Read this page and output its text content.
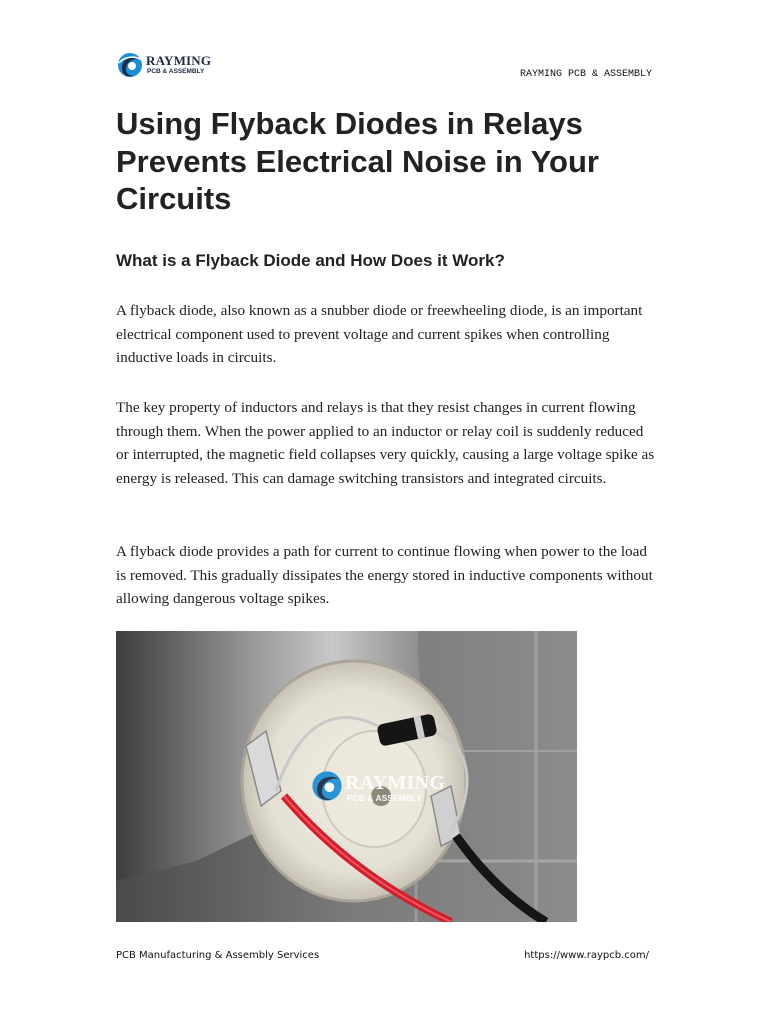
RAYMING
PCB & ASSEMBLY	RAYMING PCB & ASSEMBLY
Using Flyback Diodes in Relays Prevents Electrical Noise in Your Circuits
What is a Flyback Diode and How Does it Work?

A flyback diode, also known as a snubber diode or freewheeling diode, is an important electrical component used to prevent voltage and current spikes when controlling inductive loads in circuits.

The key property of inductors and relays is that they resist changes in current flowing through them. When the power applied to an inductor or relay coil is suddenly reduced or interrupted, the magnetic field collapses very quickly, causing a large voltage spike as energy is released. This can damage switching transistors and integrated circuits.

A flyback diode provides a path for current to continue flowing when power to the load is removed. This gradually dissipates the energy stored in inductive components without allowing dangerous voltage spikes.

RAYMING
PCB & ASSEMBLY
PCB Manufacturing & Assembly Services	https://www.raypcb.com/
